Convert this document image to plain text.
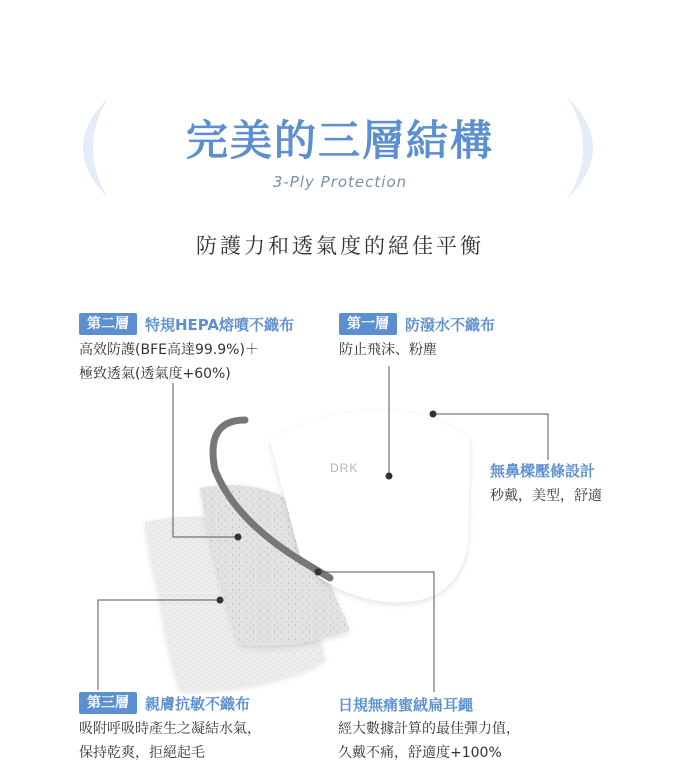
完美的三層結構
3-Ply Protection
防護力和透氣度的絕佳平衡
DRK
第二層	特規HEPA熔噴不織布
高效防護(BFE高達99.9%)＋
極致透氣(透氣度+60%)
第一層	防潑水不織布
防止飛沫、粉塵
無鼻樑壓條設計
秒戴，美型，舒適
第三層	親膚抗敏不織布
吸附呼吸時產生之凝結水氣，
保持乾爽，拒絕起毛
日規無痛蜜絨扁耳繩
經大數據計算的最佳彈力值，
久戴不痛，舒適度+100%
